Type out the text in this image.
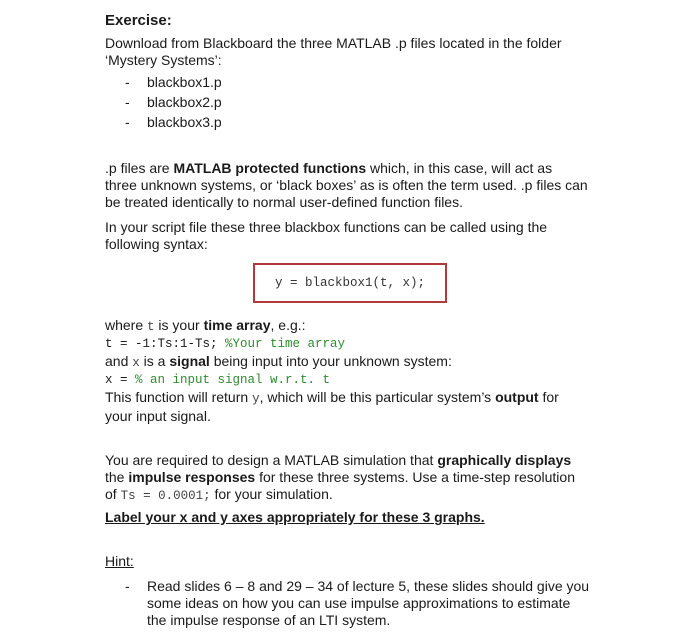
Exercise:

Download from Blackboard the three MATLAB .p files located in the folder

‘Mystery Systems’:

- blackbox1.p
- blackbox2.p
- blackbox3.p

.p files are MATLAB protected functions which, in this case, will act as

three unknown systems, or ‘black boxes’ as is often the term used. .p files can

be treated identically to normal user-defined function files.

In your script file these three blackbox functions can be called using the

following syntax:

y = blackbox1(t, x);

where t is your time array, e.g.:

t = -1:Ts:1-Ts; %Your time array

and x is a signal being input into your unknown system:

x = % an input signal w.r.t. t

This function will return y, which will be this particular system’s output for

your input signal.

You are required to design a MATLAB simulation that graphically displays

the impulse responses for these three systems. Use a time-step resolution

of Ts = 0.0001; for your simulation.

Label your x and y axes appropriately for these 3 graphs.

Hint:

- Read slides 6 – 8 and 29 – 34 of lecture 5, these slides should give you
some ideas on how you can use impulse approximations to estimate
the impulse response of an LTI system.
